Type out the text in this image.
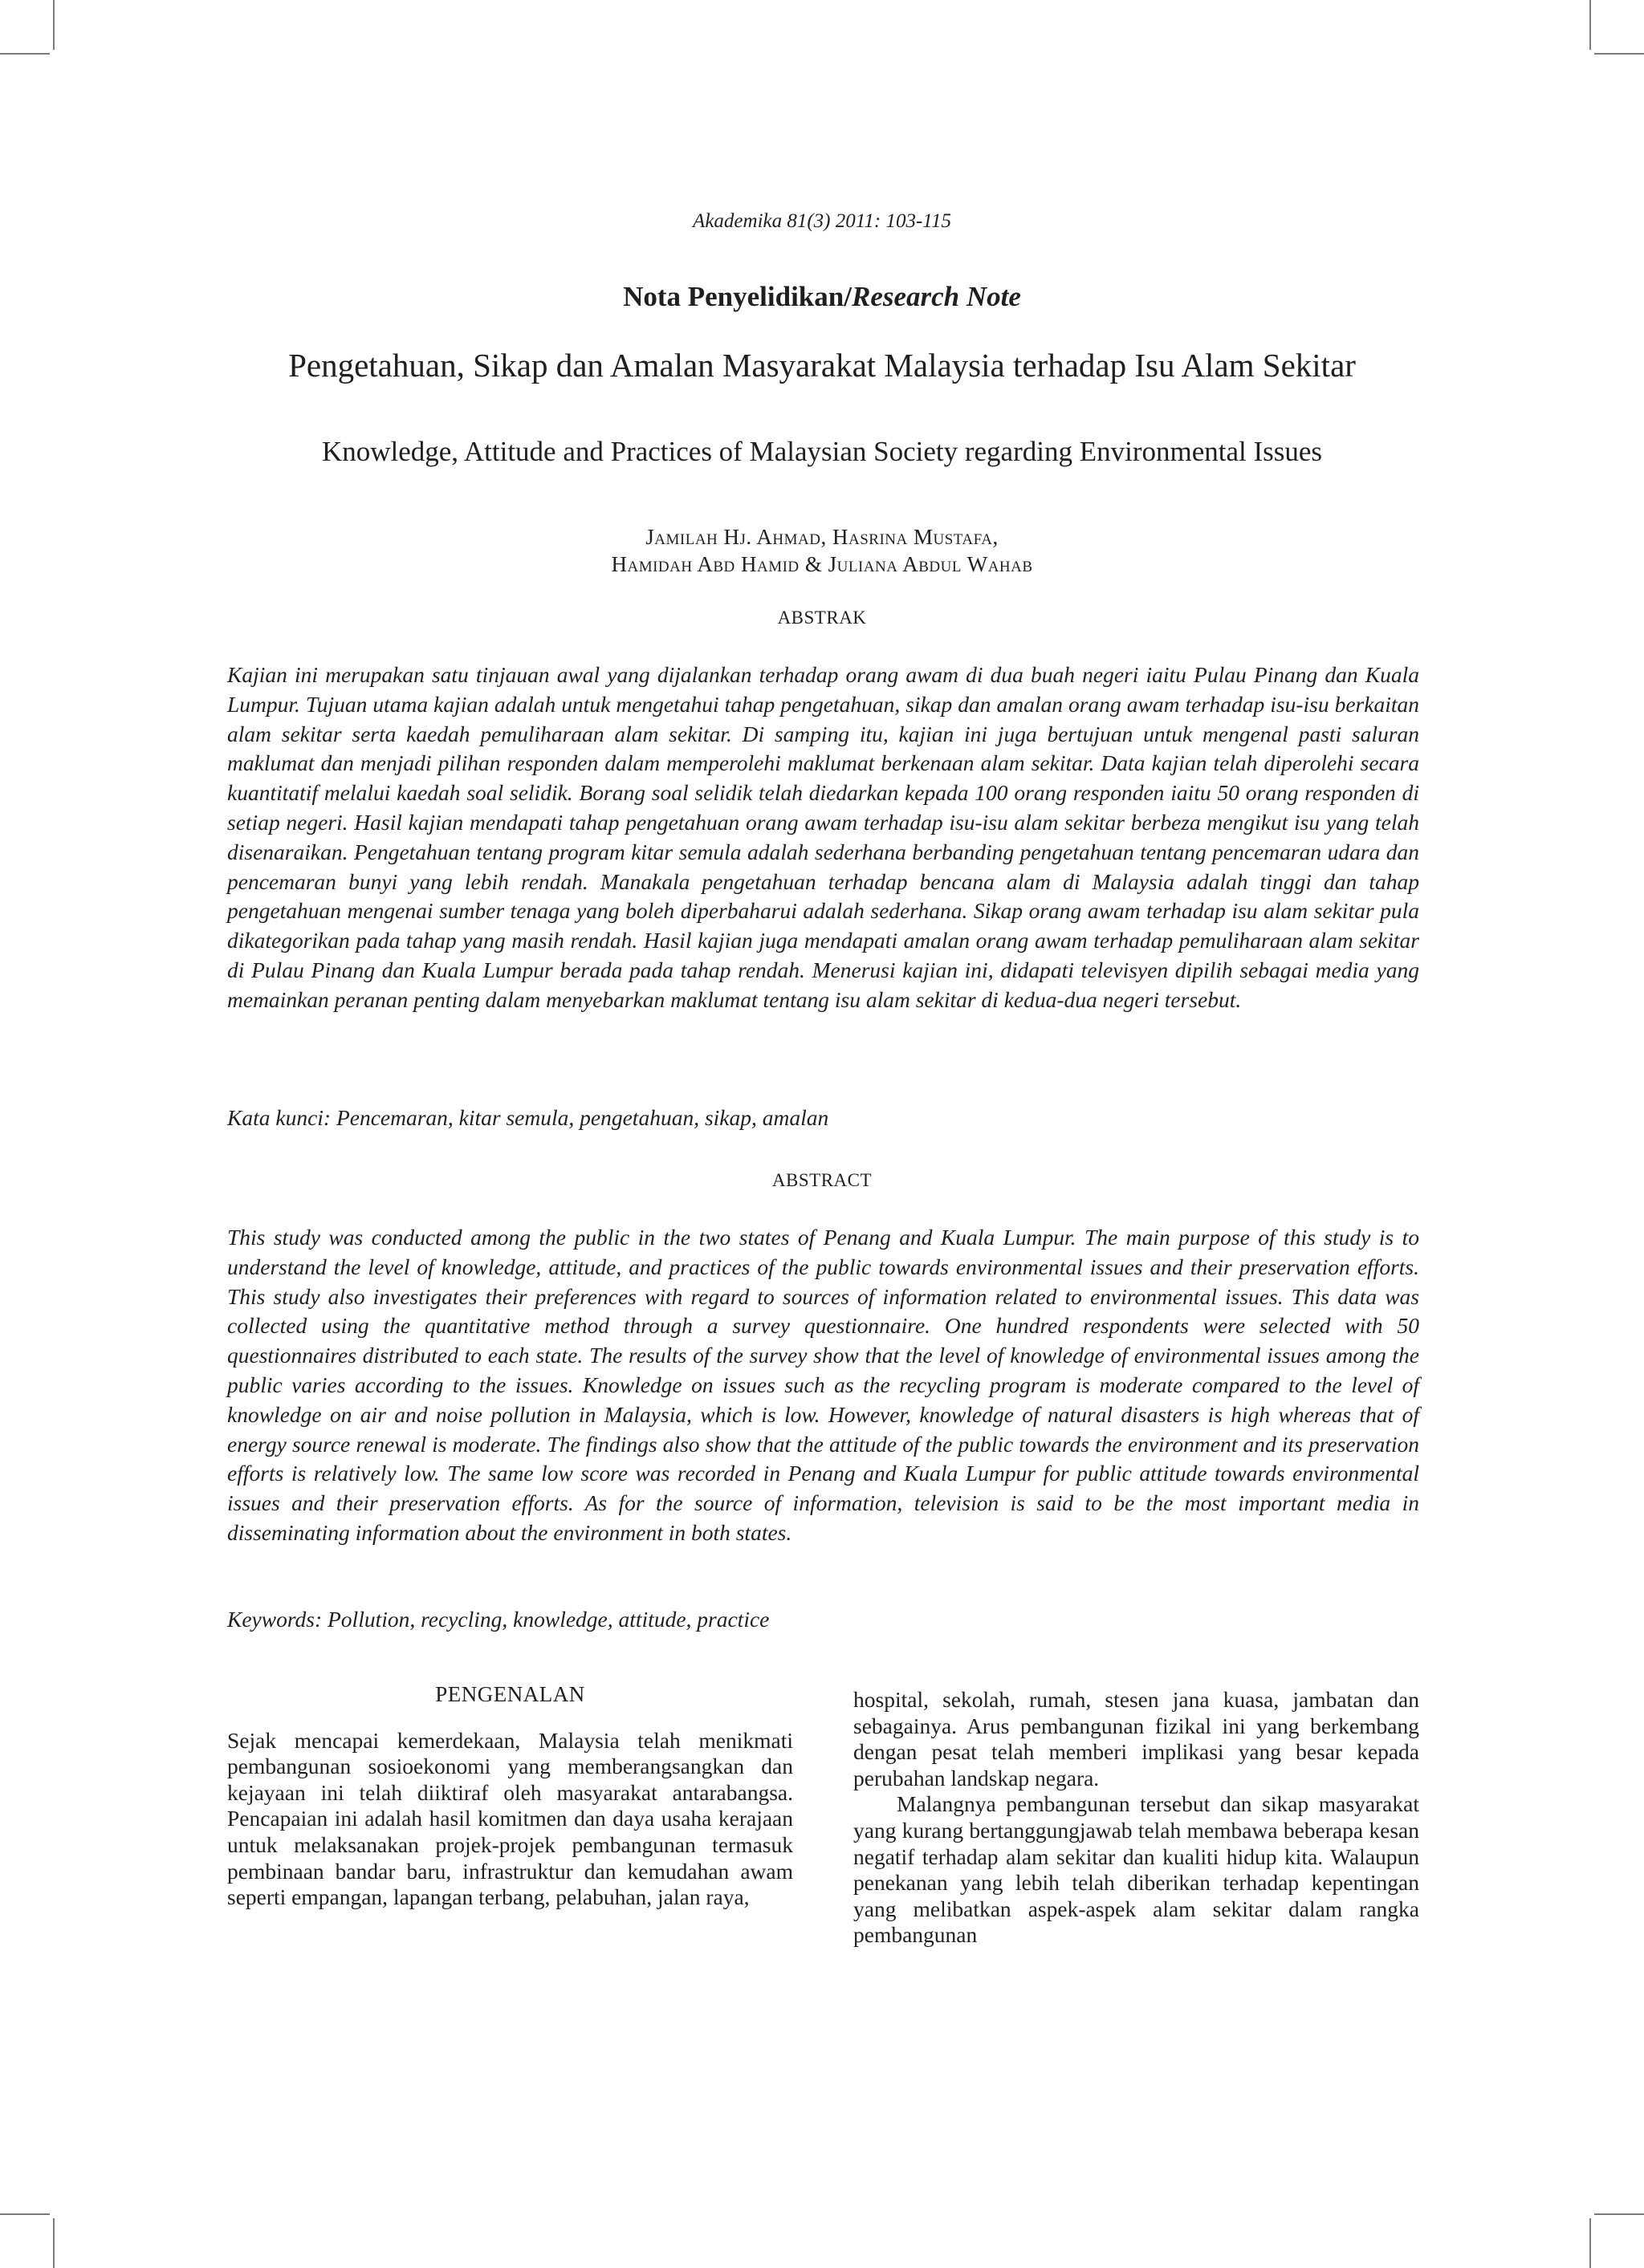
Akademika 81(3) 2011: 103-115
Nota Penyelidikan/Research Note
Pengetahuan, Sikap dan Amalan Masyarakat Malaysia terhadap Isu Alam Sekitar
Knowledge, Attitude and Practices of Malaysian Society regarding Environmental Issues
Jamilah Hj. Ahmad, Hasrina Mustafa,
Hamidah Abd Hamid & Juliana Abdul Wahab
ABSTRAK

Kajian ini merupakan satu tinjauan awal yang dijalankan terhadap orang awam di dua buah negeri iaitu Pulau Pinang dan Kuala Lumpur. Tujuan utama kajian adalah untuk mengetahui tahap pengetahuan, sikap dan amalan orang awam terhadap isu-isu berkaitan alam sekitar serta kaedah pemuliharaan alam sekitar. Di samping itu, kajian ini juga bertujuan untuk mengenal pasti saluran maklumat dan menjadi pilihan responden dalam memperolehi maklumat berkenaan alam sekitar. Data kajian telah diperolehi secara kuantitatif melalui kaedah soal selidik. Borang soal selidik telah diedarkan kepada 100 orang responden iaitu 50 orang responden di setiap negeri. Hasil kajian mendapati tahap pengetahuan orang awam terhadap isu-isu alam sekitar berbeza mengikut isu yang telah disenaraikan. Pengetahuan tentang program kitar semula adalah sederhana berbanding pengetahuan tentang pencemaran udara dan pencemaran bunyi yang lebih rendah. Manakala pengetahuan terhadap bencana alam di Malaysia adalah tinggi dan tahap pengetahuan mengenai sumber tenaga yang boleh diperbaharui adalah sederhana. Sikap orang awam terhadap isu alam sekitar pula dikategorikan pada tahap yang masih rendah. Hasil kajian juga mendapati amalan orang awam terhadap pemuliharaan alam sekitar di Pulau Pinang dan Kuala Lumpur berada pada tahap rendah. Menerusi kajian ini, didapati televisyen dipilih sebagai media yang memainkan peranan penting dalam menyebarkan maklumat tentang isu alam sekitar di kedua-dua negeri tersebut.

Kata kunci: Pencemaran, kitar semula, pengetahuan, sikap, amalan

ABSTRACT

This study was conducted among the public in the two states of Penang and Kuala Lumpur. The main purpose of this study is to understand the level of knowledge, attitude, and practices of the public towards environmental issues and their preservation efforts. This study also investigates their preferences with regard to sources of information related to environmental issues. This data was collected using the quantitative method through a survey questionnaire. One hundred respondents were selected with 50 questionnaires distributed to each state. The results of the survey show that the level of knowledge of environmental issues among the public varies according to the issues. Knowledge on issues such as the recycling program is moderate compared to the level of knowledge on air and noise pollution in Malaysia, which is low. However, knowledge of natural disasters is high whereas that of energy source renewal is moderate. The findings also show that the attitude of the public towards the environment and its preservation efforts is relatively low. The same low score was recorded in Penang and Kuala Lumpur for public attitude towards environmental issues and their preservation efforts. As for the source of information, television is said to be the most important media in disseminating information about the environment in both states.

Keywords: Pollution, recycling, knowledge, attitude, practice

PENGENALAN

Sejak mencapai kemerdekaan, Malaysia telah menikmati pembangunan sosioekonomi yang memberangsangkan dan kejayaan ini telah diiktiraf oleh masyarakat antarabangsa. Pencapaian ini adalah hasil komitmen dan daya usaha kerajaan untuk melaksanakan projek-projek pembangunan termasuk pembinaan bandar baru, infrastruktur dan kemudahan awam seperti empangan, lapangan terbang, pelabuhan, jalan raya,

hospital, sekolah, rumah, stesen jana kuasa, jambatan dan sebagainya. Arus pembangunan fizikal ini yang berkembang dengan pesat telah memberi implikasi yang besar kepada perubahan landskap negara.

Malangnya pembangunan tersebut dan sikap masyarakat yang kurang bertanggungjawab telah membawa beberapa kesan negatif terhadap alam sekitar dan kualiti hidup kita. Walaupun penekanan yang lebih telah diberikan terhadap kepentingan yang melibatkan aspek-aspek alam sekitar dalam rangka pembangunan
